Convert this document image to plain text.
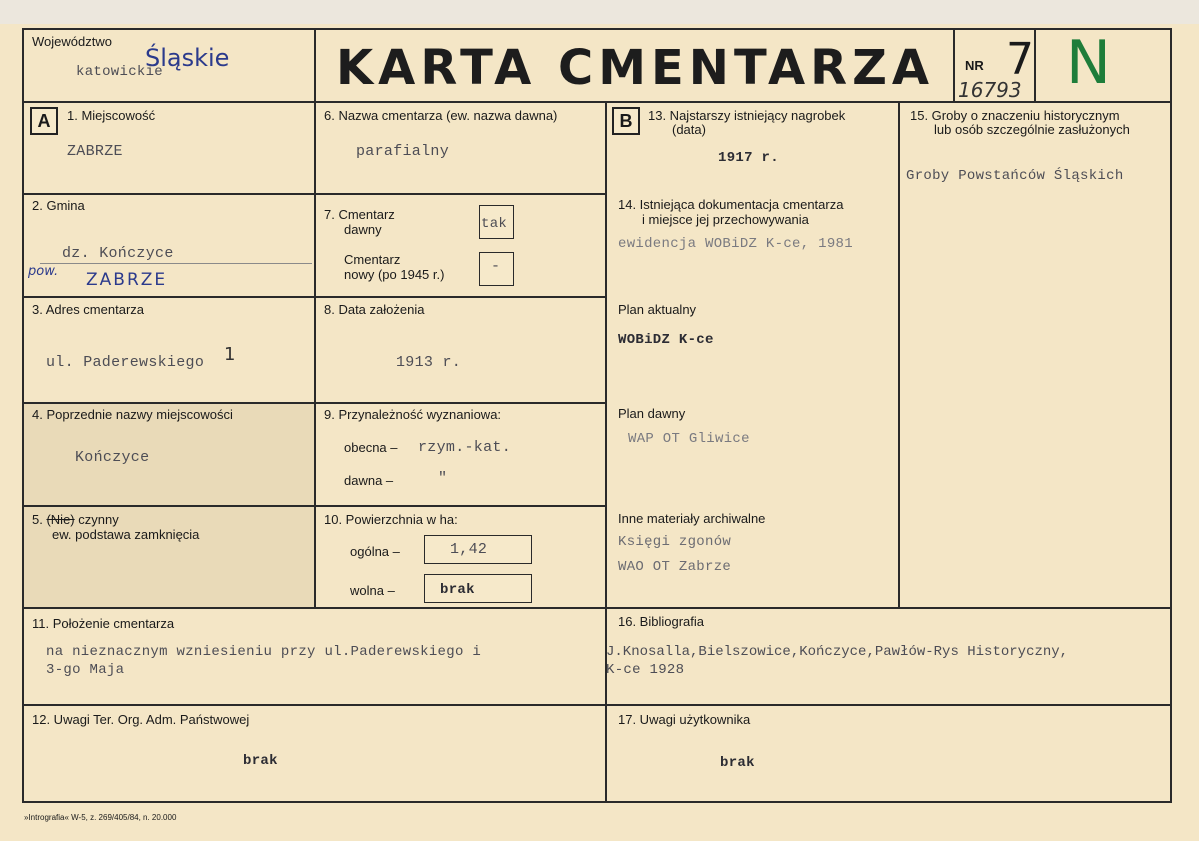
Województwo
Śląskie
katowickie	KARTA CMENTARZA	NR 7
16793 N
A	1. Miejscowość
ZABRZE
2. Gmina
dz. Kończyce
pow. ZABRZE
3. Adres cmentarza
ul. Paderewskiego 1
4. Poprzednie nazwy miejscowości
Kończyce
5. (Nie) czynny
ew. podstawa zamknięcia
6. Nazwa cmentarza (ew. nazwa dawna)
parafialny
7. Cmentarz
dawny	tak
Cmentarz
nowy (po 1945 r.)	-
8. Data założenia
1913 r.
9. Przynależność wyznaniowa:
obecna – rzym.-kat.
dawna –	"
10. Powierzchnia w ha:
ogólna –	1,42
wolna –	brak
B	13. Najstarszy istniejący nagrobek
(data)
1917 r.
14. Istniejąca dokumentacja cmentarza
i miejsce jej przechowywania
ewidencja WOBiDZ K-ce, 1981
Plan aktualny
WOBiDZ K-ce
Plan dawny
WAP OT Gliwice
Inne materiały archiwalne
Księgi zgonów
WAO OT Zabrze
15. Groby o znaczeniu historycznym
lub osób szczególnie zasłużonych
Groby Powstańców Śląskich
11. Położenie cmentarza
na nieznacznym wzniesieniu przy ul.Paderewskiego i
3-go Maja
16. Bibliografia
J.Knosalla,Bielszowice,Kończyce,Pawłów-Rys Historyczny,
K-ce 1928
12. Uwagi Ter. Org. Adm. Państwowej
brak
17. Uwagi użytkownika
brak
»Intrografia« W-5, z. 269/405/84, n. 20.000
